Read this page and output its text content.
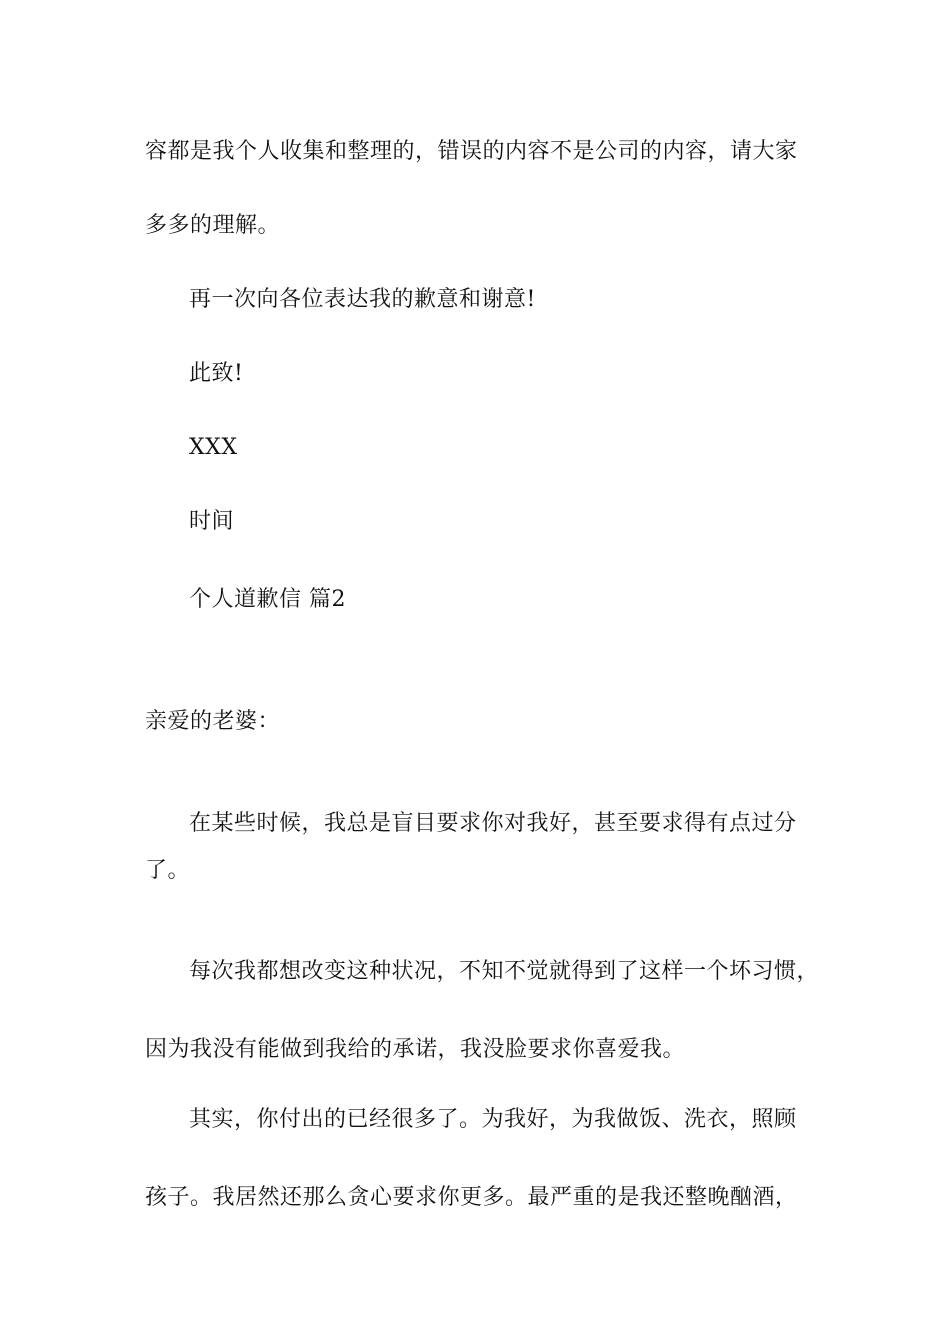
容都是我个人收集和整理的，错误的内容不是公司的内容，请大家
多多的理解。
再一次向各位表达我的歉意和谢意!
此致!
XXX
时间
个人道歉信 篇2
亲爱的老婆：
在某些时候，我总是盲目要求你对我好，甚至要求得有点过分
了。
每次我都想改变这种状况，不知不觉就得到了这样一个坏习惯，
因为我没有能做到我给的承诺，我没脸要求你喜爱我。
其实，你付出的已经很多了。为我好，为我做饭、洗衣，照顾
孩子。我居然还那么贪心要求你更多。最严重的是我还整晚酗酒，
